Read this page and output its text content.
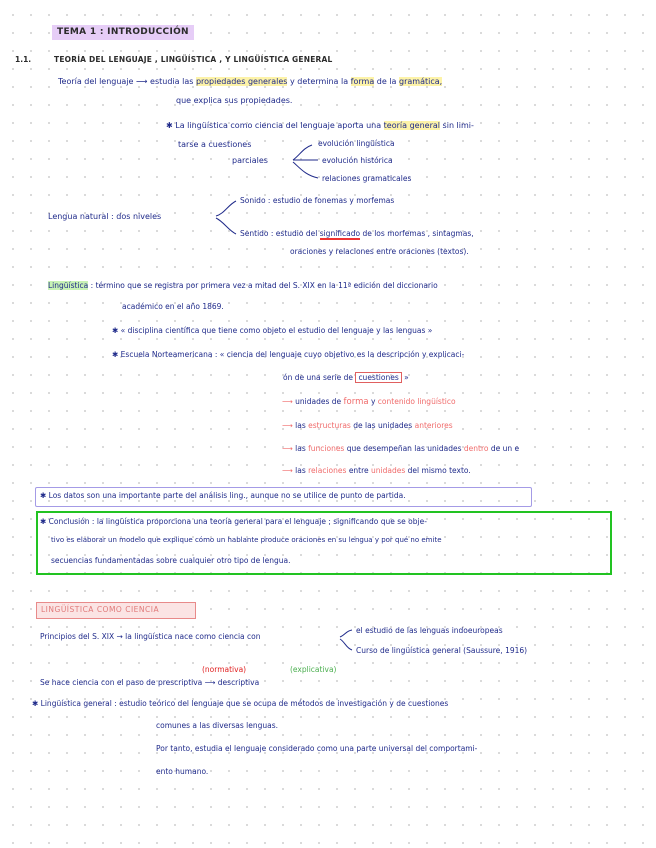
TEMA 1 : INTRODUCCIÓN
1.1.	TEORÍA DEL LENGUAJE , LINGÜÍSTICA , Y LINGÜÍSTICA GENERAL
Teoría del lenguaje ⟶ estudia las propiedades generales y determina la forma de la gramática,
que explica sus propiedades.
✱ La lingüística como ciencia del lenguaje aporta una teoría general sin limi-
tarse a cuestiones
parciales
evolución lingüística
evolución histórica
relaciones gramaticales
Lengua natural : dos niveles
Sonido : estudio de fonemas y morfemas
Sentido : estudio del significado de los morfemas , sintagmas,
oraciones y relaciones entre oraciones (textos).
Lingüística : término que se registra por primera vez a mitad del S. XIX en la 11ª edición del diccionario
académico en el año 1869.
✱ « disciplina científica que tiene como objeto el estudio del lenguaje y las lenguas »
✱ Escuela Norteamericana : « ciencia del lenguaje cuyo objetivo es la descripción y explicaci-
ón de una serie de cuestiones »
⟶ unidades de forma y contenido lingüístico
⟶ las estructuras de las unidades anteriores
⟶ las funciones que desempeñan las unidades dentro de un e
⟶ las relaciones entre unidades del mismo texto.
✱ Los datos son una importante parte del análisis ling., aunque no se utilice de punto de partida.
✱ Conclusión : la lingüística proporciona una teoría general para el lenguaje ; significando que se obje-
tivo es elaborar un modelo que explique cómo un hablante produce oraciones en su lengua y por qué no emite
secuencias fundamentadas sobre cualquier otro tipo de lengua.
LINGÜÍSTICA COMO CIENCIA
Principios del S. XIX → la lingüística nace como ciencia con
el estudio de las lenguas indoeuropeas
Curso de lingüística general (Saussure, 1916)
(normativa)	(explicativa)
Se hace ciencia con el paso de prescriptiva ⟶ descriptiva
✱ Lingüística general : estudio teórico del lenguaje que se ocupa de métodos de investigación y de cuestiones
comunes a las diversas lenguas.
Por tanto, estudia el lenguaje considerado como una parte universal del comportami-
ento humano.
